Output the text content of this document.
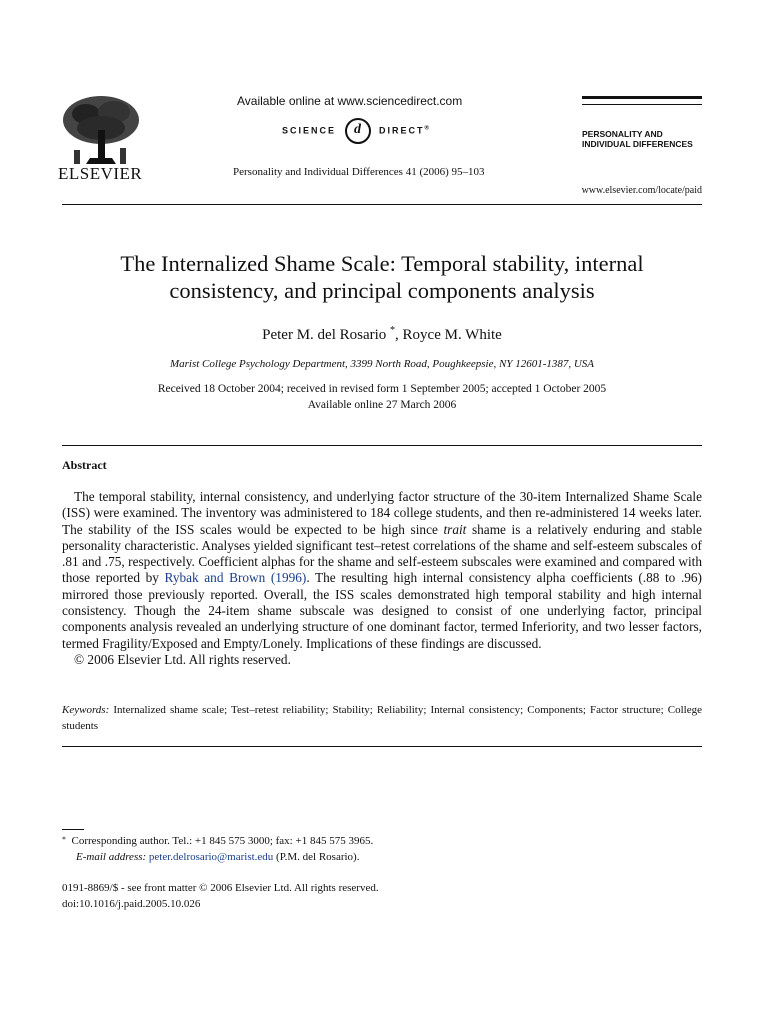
ELSEVIER
Available online at www.sciencedirect.com
SCIENCE d DIRECT®
Personality and Individual Differences 41 (2006) 95–103
PERSONALITY AND
INDIVIDUAL DIFFERENCES
www.elsevier.com/locate/paid
The Internalized Shame Scale: Temporal stability, internal
consistency, and principal components analysis
Peter M. del Rosario *, Royce M. White
Marist College Psychology Department, 3399 North Road, Poughkeepsie, NY 12601-1387, USA
Received 18 October 2004; received in revised form 1 September 2005; accepted 1 October 2005
Available online 27 March 2006
Abstract
The temporal stability, internal consistency, and underlying factor structure of the 30-item Internalized Shame Scale (ISS) were examined. The inventory was administered to 184 college students, and then re-administered 14 weeks later. The stability of the ISS scales would be expected to be high since trait shame is a relatively enduring and stable personality characteristic. Analyses yielded significant test–retest correlations of the shame and self-esteem subscales of .81 and .75, respectively. Coefficient alphas for the shame and self-esteem subscales were examined and compared with those reported by Rybak and Brown (1996). The resulting high internal consistency alpha coefficients (.88 to .96) mirrored those previously reported. Overall, the ISS scales demonstrated high temporal stability and high internal consistency. Though the 24-item shame subscale was designed to consist of one underlying factor, principal components analysis revealed an underlying structure of one dominant factor, termed Inferiority, and two lesser factors, termed Fragility/Exposed and Empty/Lonely. Implications of these findings are discussed.
© 2006 Elsevier Ltd. All rights reserved.
Keywords: Internalized shame scale; Test–retest reliability; Stability; Reliability; Internal consistency; Components; Factor structure; College students
* Corresponding author. Tel.: +1 845 575 3000; fax: +1 845 575 3965.
E-mail address: peter.delrosario@marist.edu (P.M. del Rosario).
0191-8869/$ - see front matter © 2006 Elsevier Ltd. All rights reserved.
doi:10.1016/j.paid.2005.10.026
